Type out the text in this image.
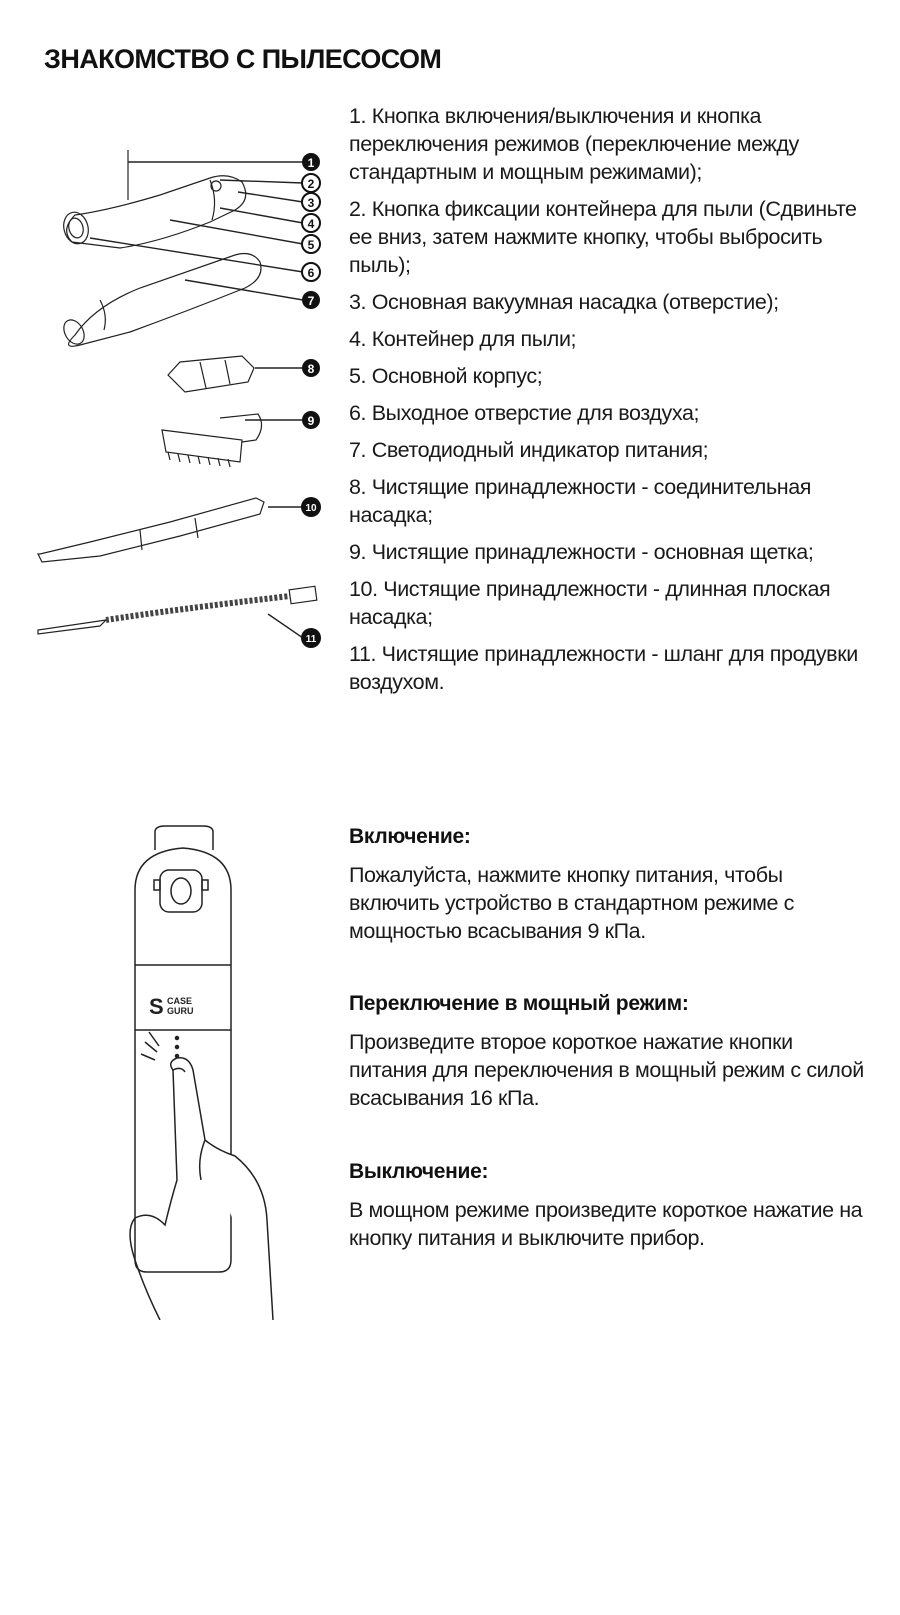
ЗНАКОМСТВО С ПЫЛЕСОСОМ
1
2
3
4
5
6
7
8
9
10
11
1. Кнопка включения/выключения и кнопка переключения режимов (переключение между стандартным и мощным режимами);
2. Кнопка фиксации контейнера для пыли (Сдвиньте ее вниз, затем нажмите кнопку, чтобы выбросить пыль);
3. Основная вакуумная насадка (отверстие);
4. Контейнер для пыли;
5. Основной корпус;
6. Выходное отверстие для воздуха;
7. Светодиодный индикатор питания;
8. Чистящие принадлежности - соединительная насадка;
9. Чистящие принадлежности - основная щетка;
10. Чистящие принадлежности - длинная плоская насадка;
11. Чистящие принадлежности - шланг для продувки воздухом.
S CASE
GURU
Включение:
Пожалуйста, нажмите кнопку питания, чтобы включить устройство в стандартном режиме с мощностью всасывания 9 кПа.
Переключение в мощный режим:
Произведите второе короткое нажатие кнопки питания для переключения в мощный режим с силой всасывания 16 кПа.
Выключение:
В мощном режиме произведите короткое нажатие на кнопку питания и выключите прибор.
